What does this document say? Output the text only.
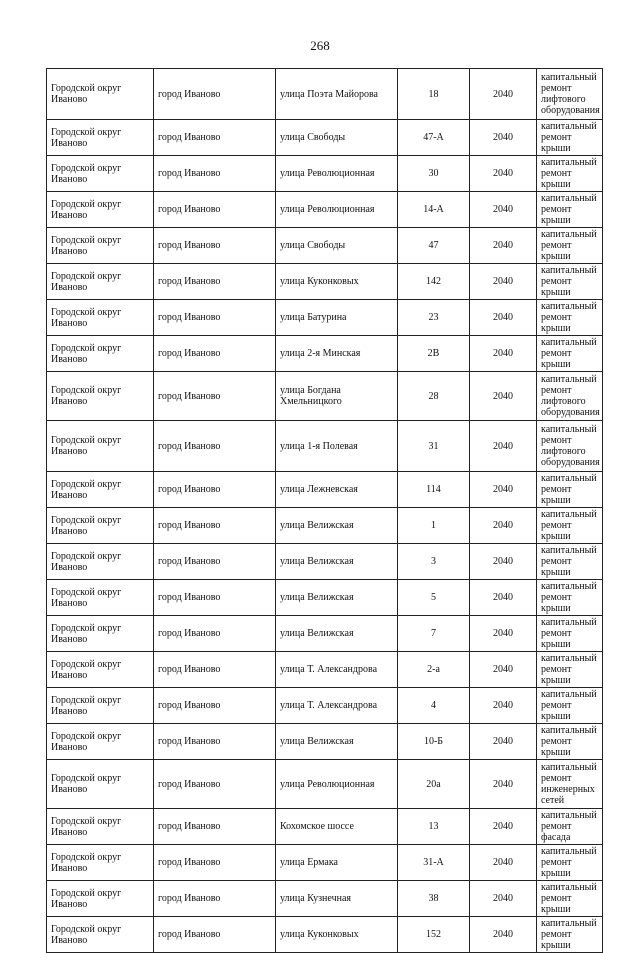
268
Городской округ Иваново	город Иваново	улица Поэта Майорова	18	2040	капитальный ремонт лифтового оборудования
Городской округ Иваново	город Иваново	улица Свободы	47-А	2040	капитальный ремонт крыши
Городской округ Иваново	город Иваново	улица Революционная	30	2040	капитальный ремонт крыши
Городской округ Иваново	город Иваново	улица Революционная	14-А	2040	капитальный ремонт крыши
Городской округ Иваново	город Иваново	улица Свободы	47	2040	капитальный ремонт крыши
Городской округ Иваново	город Иваново	улица Куконковых	142	2040	капитальный ремонт крыши
Городской округ Иваново	город Иваново	улица Батурина	23	2040	капитальный ремонт крыши
Городской округ Иваново	город Иваново	улица 2-я Минская	2В	2040	капитальный ремонт крыши
Городской округ Иваново	город Иваново	улица Богдана Хмельницкого	28	2040	капитальный ремонт лифтового оборудования
Городской округ Иваново	город Иваново	улица 1-я Полевая	31	2040	капитальный ремонт лифтового оборудования
Городской округ Иваново	город Иваново	улица Лежневская	114	2040	капитальный ремонт крыши
Городской округ Иваново	город Иваново	улица Велижская	1	2040	капитальный ремонт крыши
Городской округ Иваново	город Иваново	улица Велижская	3	2040	капитальный ремонт крыши
Городской округ Иваново	город Иваново	улица Велижская	5	2040	капитальный ремонт крыши
Городской округ Иваново	город Иваново	улица Велижская	7	2040	капитальный ремонт крыши
Городской округ Иваново	город Иваново	улица Т. Александрова	2-а	2040	капитальный ремонт крыши
Городской округ Иваново	город Иваново	улица Т. Александрова	4	2040	капитальный ремонт крыши
Городской округ Иваново	город Иваново	улица Велижская	10-Б	2040	капитальный ремонт крыши
Городской округ Иваново	город Иваново	улица Революционная	20а	2040	капитальный ремонт инженерных сетей
Городской округ Иваново	город Иваново	Кохомское шоссе	13	2040	капитальный ремонт фасада
Городской округ Иваново	город Иваново	улица Ермака	31-А	2040	капитальный ремонт крыши
Городской округ Иваново	город Иваново	улица Кузнечная	38	2040	капитальный ремонт крыши
Городской округ Иваново	город Иваново	улица Куконковых	152	2040	капитальный ремонт крыши
